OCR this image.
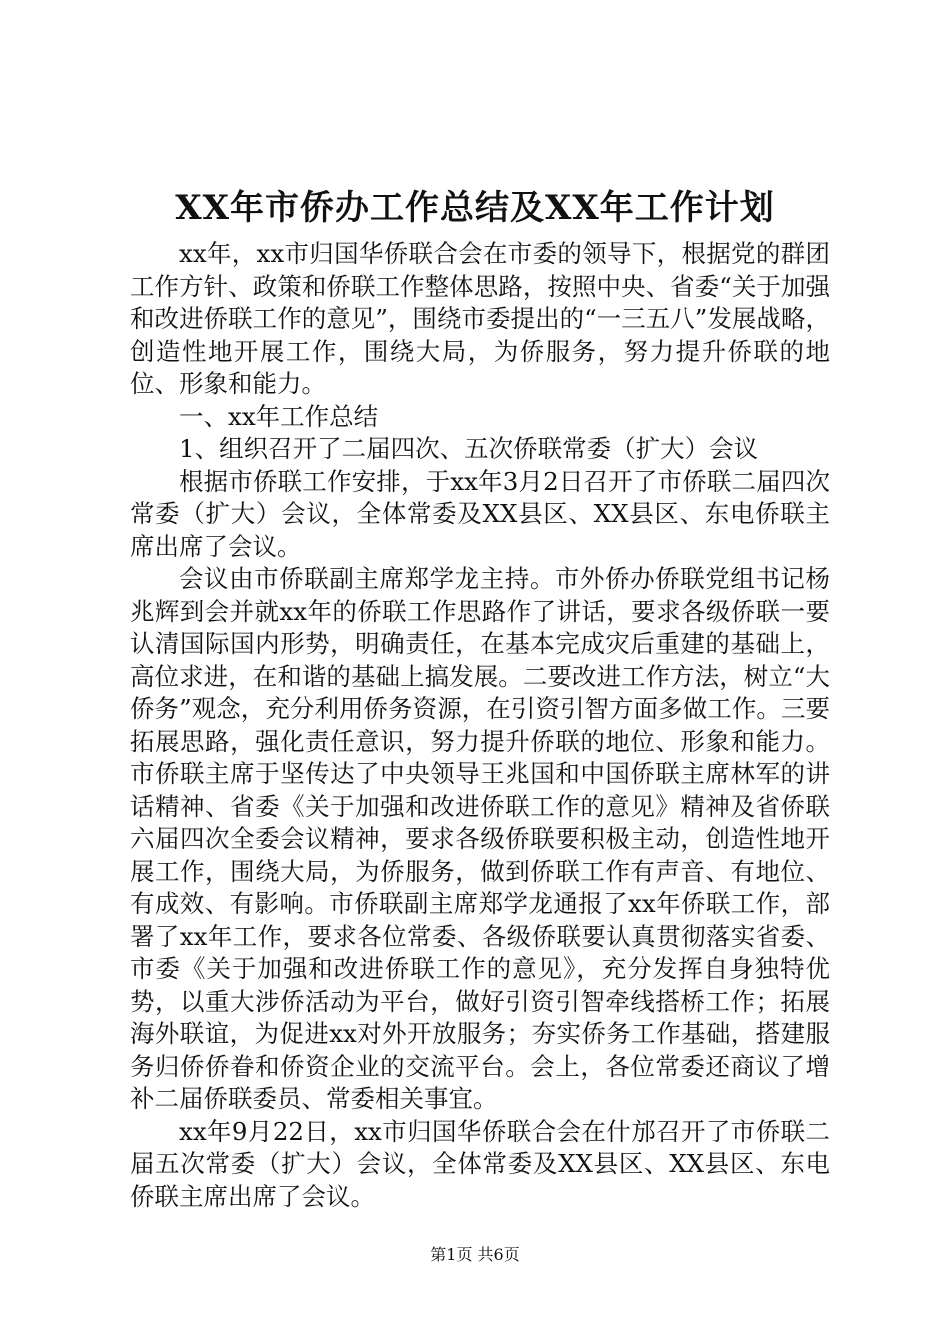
XX年市侨办工作总结及XX年工作计划

xx年，xx市归国华侨联合会在市委的领导下，根据党的群团工作方针、政策和侨联工作整体思路，按照中央、省委“关于加强和改进侨联工作的意见”，围绕市委提出的“一三五八”发展战略，创造性地开展工作，围绕大局，为侨服务，努力提升侨联的地位、形象和能力。

一、xx年工作总结

1、组织召开了二届四次、五次侨联常委（扩大）会议

根据市侨联工作安排，于xx年3月2日召开了市侨联二届四次常委（扩大）会议，全体常委及XX县区、XX县区、东电侨联主席出席了会议。

会议由市侨联副主席郑学龙主持。市外侨办侨联党组书记杨兆辉到会并就xx年的侨联工作思路作了讲话，要求各级侨联一要认清国际国内形势，明确责任，在基本完成灾后重建的基础上，高位求进，在和谐的基础上搞发展。二要改进工作方法，树立“大侨务”观念，充分利用侨务资源，在引资引智方面多做工作。三要拓展思路，强化责任意识，努力提升侨联的地位、形象和能力。市侨联主席于坚传达了中央领导王兆国和中国侨联主席林军的讲话精神、省委《关于加强和改进侨联工作的意见》精神及省侨联六届四次全委会议精神，要求各级侨联要积极主动，创造性地开展工作，围绕大局，为侨服务，做到侨联工作有声音、有地位、有成效、有影响。市侨联副主席郑学龙通报了xx年侨联工作，部署了xx年工作，要求各位常委、各级侨联要认真贯彻落实省委、市委《关于加强和改进侨联工作的意见》，充分发挥自身独特优势，以重大涉侨活动为平台，做好引资引智牵线搭桥工作；拓展海外联谊，为促进xx对外开放服务；夯实侨务工作基础，搭建服务归侨侨眷和侨资企业的交流平台。会上，各位常委还商议了增补二届侨联委员、常委相关事宜。

xx年9月22日，xx市归国华侨联合会在什邡召开了市侨联二届五次常委（扩大）会议，全体常委及XX县区、XX县区、东电侨联主席出席了会议。

第1页 共6页
